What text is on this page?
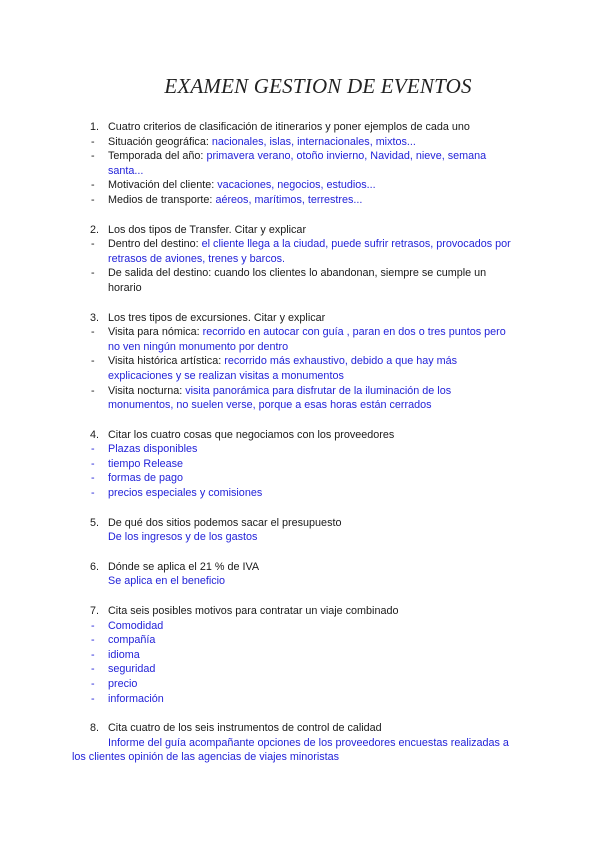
EXAMEN GESTION DE EVENTOS
1. Cuatro criterios de clasificación de itinerarios y poner ejemplos de cada uno
- Situación geográfica: nacionales, islas, internacionales, mixtos...
- Temporada del año: primavera verano, otoño invierno, Navidad, nieve, semana
santa...
- Motivación del cliente: vacaciones, negocios, estudios...
- Medios de transporte: aéreos, marítimos, terrestres...
2. Los dos tipos de Transfer. Citar y explicar
- Dentro del destino: el cliente llega a la ciudad, puede sufrir retrasos, provocados por
retrasos de aviones, trenes y barcos.
- De salida del destino: cuando los clientes lo abandonan, siempre se cumple un
horario
3. Los tres tipos de excursiones. Citar y explicar
- Visita para nómica: recorrido en autocar con guía , paran en dos o tres puntos pero
no ven ningún monumento por dentro
- Visita histórica artística: recorrido más exhaustivo, debido a que hay más
explicaciones y se realizan visitas a monumentos
- Visita nocturna: visita panorámica para disfrutar de la iluminación de los
monumentos, no suelen verse, porque a esas horas están cerrados
4. Citar los cuatro cosas que negociamos con los proveedores
- Plazas disponibles
- tiempo Release
- formas de pago
- precios especiales y comisiones
5. De qué dos sitios podemos sacar el presupuesto
De los ingresos y de los gastos
6. Dónde se aplica el 21 % de IVA
Se aplica en el beneficio
7. Cita seis posibles motivos para contratar un viaje combinado
- Comodidad
- compañía
- idioma
- seguridad
- precio
- información
8. Cita cuatro de los seis instrumentos de control de calidad
Informe del guía acompañante opciones de los proveedores encuestas realizadas a
los clientes opinión de las agencias de viajes minoristas
